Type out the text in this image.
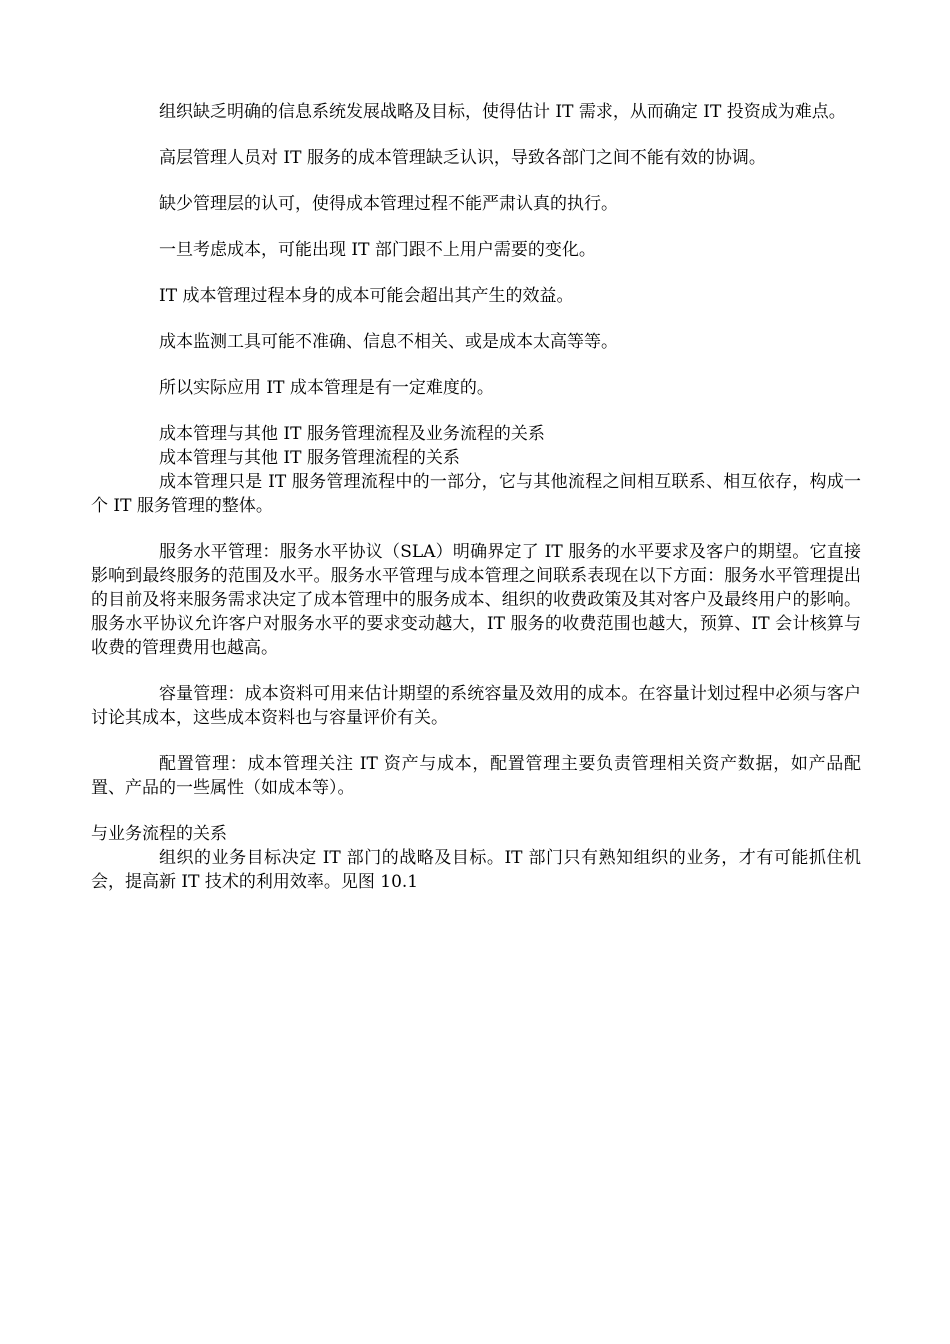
组织缺乏明确的信息系统发展战略及目标，使得估计 IT 需求，从而确定 IT 投资成为难点。

高层管理人员对 IT 服务的成本管理缺乏认识，导致各部门之间不能有效的协调。

缺少管理层的认可，使得成本管理过程不能严肃认真的执行。

一旦考虑成本，可能出现 IT 部门跟不上用户需要的变化。

IT 成本管理过程本身的成本可能会超出其产生的效益。

成本监测工具可能不准确、信息不相关、或是成本太高等等。

所以实际应用 IT 成本管理是有一定难度的。

成本管理与其他 IT 服务管理流程及业务流程的关系

成本管理与其他 IT 服务管理流程的关系

成本管理只是 IT 服务管理流程中的一部分，它与其他流程之间相互联系、相互依存，构成一个 IT 服务管理的整体。

服务水平管理：服务水平协议（SLA）明确界定了 IT 服务的水平要求及客户的期望。它直接影响到最终服务的范围及水平。服务水平管理与成本管理之间联系表现在以下方面：服务水平管理提出的目前及将来服务需求决定了成本管理中的服务成本、组织的收费政策及其对客户及最终用户的影响。服务水平协议允许客户对服务水平的要求变动越大，IT 服务的收费范围也越大，预算、IT 会计核算与收费的管理费用也越高。

容量管理：成本资料可用来估计期望的系统容量及效用的成本。在容量计划过程中必须与客户讨论其成本，这些成本资料也与容量评价有关。

配置管理：成本管理关注 IT 资产与成本，配置管理主要负责管理相关资产数据，如产品配置、产品的一些属性（如成本等）。

与业务流程的关系

组织的业务目标决定 IT 部门的战略及目标。IT 部门只有熟知组织的业务，才有可能抓住机会，提高新 IT 技术的利用效率。见图 10.1
